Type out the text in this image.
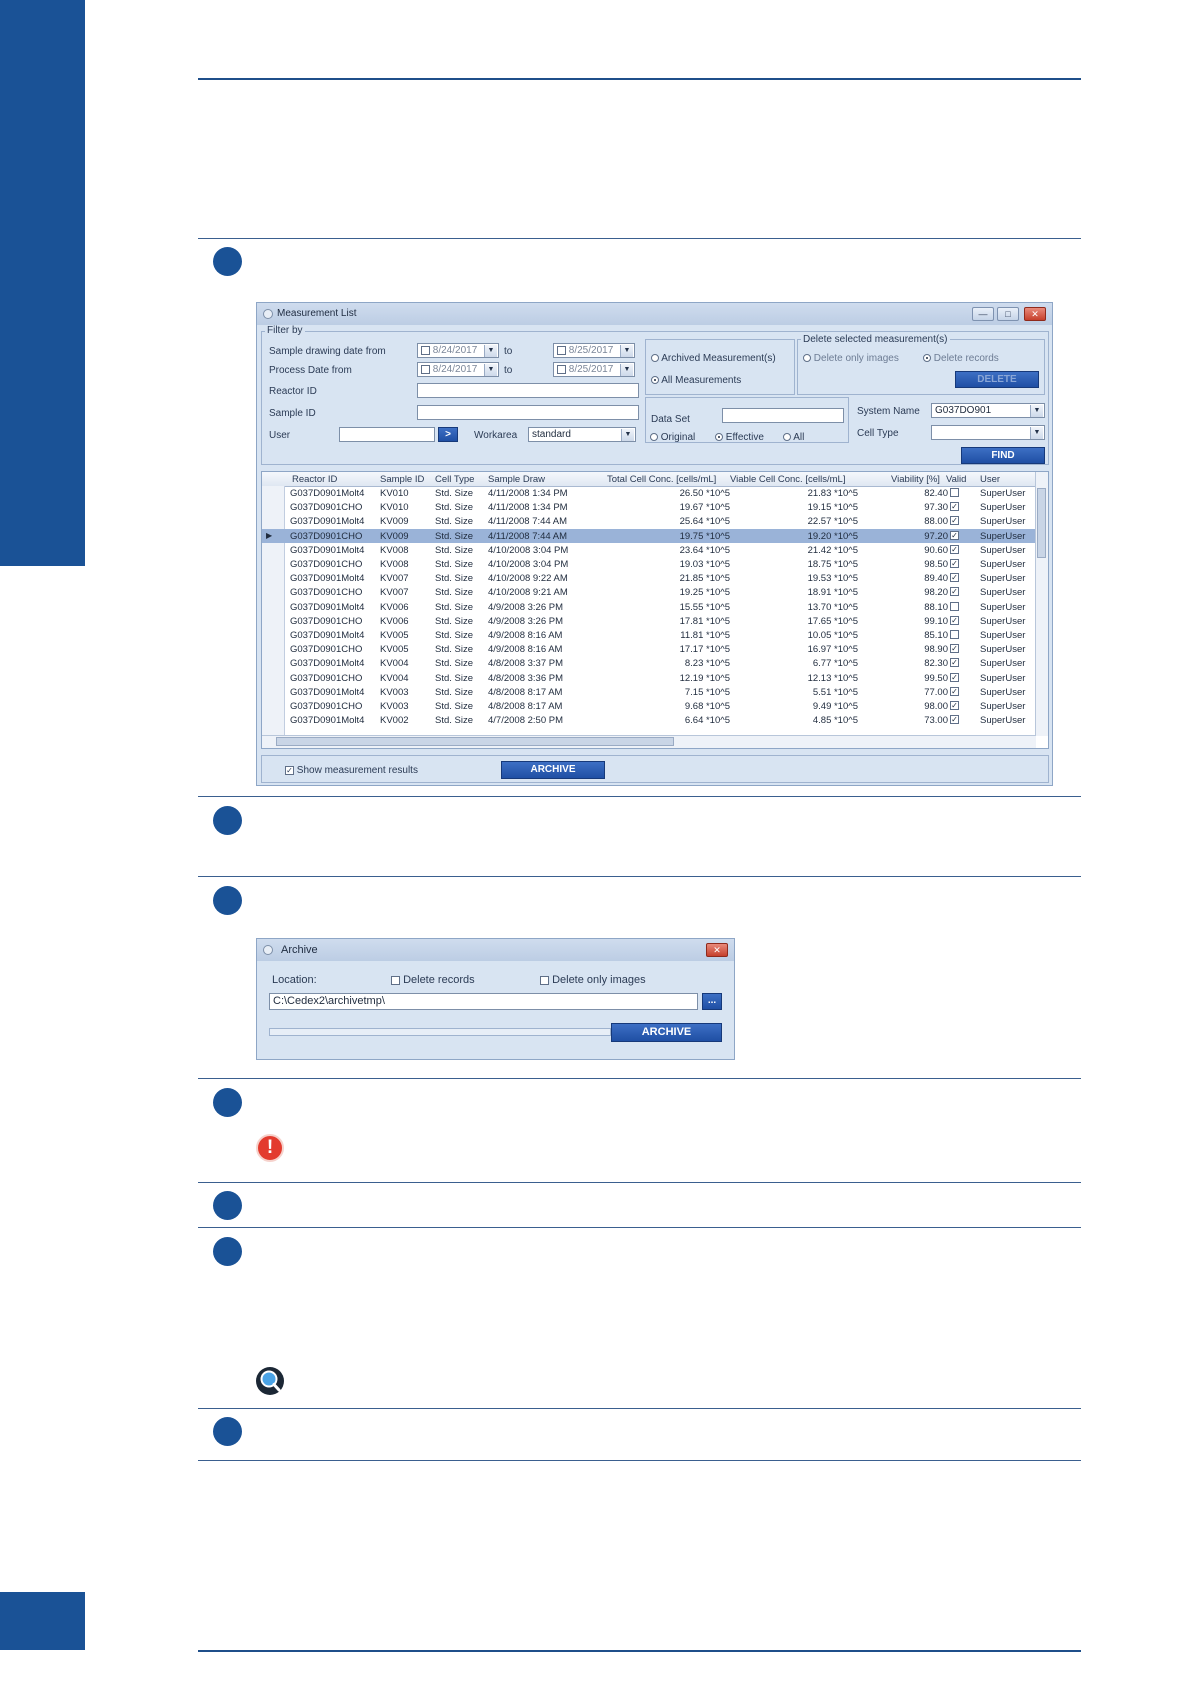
Measurement List	—	□	✕
Filter by
Sample drawing date from	8/24/2017	▼ to	8/25/2017	▼
Process Date from	8/24/2017	▼ to	8/25/2017	▼
Reactor ID
Sample ID
User	>	Workarea	standard	▼
Archived Measurement(s)
All Measurements
Delete selected measurement(s)
Delete only images	Delete records
DELETE
Data Set
Original	Effective	All
System Name	G037DO901	▼
Cell Type	▼
FIND
Reactor ID	Sample ID Cell Type Sample Draw	Total Cell Conc. [cells/mL] Viable Cell Conc. [cells/mL]	Viability [%] Valid User
G037D0901Molt4 KV010	Std. Size 4/11/2008 1:34 PM	26.50 *10^5	21.83 *10^5	82.40	SuperUser
G037D0901CHO KV010	Std. Size 4/11/2008 1:34 PM	19.67 *10^5	19.15 *10^5	97.30 ✓ SuperUser
G037D0901Molt4 KV009	Std. Size 4/11/2008 7:44 AM	25.64 *10^5	22.57 *10^5	88.00 ✓ SuperUser
▶ G037D0901CHO KV009	Std. Size 4/11/2008 7:44 AM	19.75 *10^5	19.20 *10^5	97.20 ✓ SuperUser
G037D0901Molt4 KV008	Std. Size 4/10/2008 3:04 PM	23.64 *10^5	21.42 *10^5	90.60 ✓ SuperUser
G037D0901CHO KV008	Std. Size 4/10/2008 3:04 PM	19.03 *10^5	18.75 *10^5	98.50 ✓ SuperUser
G037D0901Molt4 KV007	Std. Size 4/10/2008 9:22 AM	21.85 *10^5	19.53 *10^5	89.40 ✓ SuperUser
G037D0901CHO KV007	Std. Size 4/10/2008 9:21 AM	19.25 *10^5	18.91 *10^5	98.20 ✓ SuperUser
G037D0901Molt4 KV006	Std. Size 4/9/2008 3:26 PM	15.55 *10^5	13.70 *10^5	88.10	SuperUser
G037D0901CHO KV006	Std. Size 4/9/2008 3:26 PM	17.81 *10^5	17.65 *10^5	99.10 ✓ SuperUser
G037D0901Molt4 KV005	Std. Size 4/9/2008 8:16 AM	11.81 *10^5	10.05 *10^5	85.10	SuperUser
G037D0901CHO KV005	Std. Size 4/9/2008 8:16 AM	17.17 *10^5	16.97 *10^5	98.90 ✓ SuperUser
G037D0901Molt4 KV004	Std. Size 4/8/2008 3:37 PM	8.23 *10^5	6.77 *10^5	82.30 ✓ SuperUser
G037D0901CHO KV004	Std. Size 4/8/2008 3:36 PM	12.19 *10^5	12.13 *10^5	99.50 ✓ SuperUser
G037D0901Molt4 KV003	Std. Size 4/8/2008 8:17 AM	7.15 *10^5	5.51 *10^5	77.00 ✓ SuperUser
G037D0901CHO KV003	Std. Size 4/8/2008 8:17 AM	9.68 *10^5	9.49 *10^5	98.00 ✓ SuperUser
G037D0901Molt4 KV002	Std. Size 4/7/2008 2:50 PM	6.64 *10^5	4.85 *10^5	73.00 ✓ SuperUser
✓ Show measurement results	ARCHIVE
Archive	✕
Location:	Delete records	Delete only images
C:\Cedex2\archivetmp\	...
ARCHIVE
!
